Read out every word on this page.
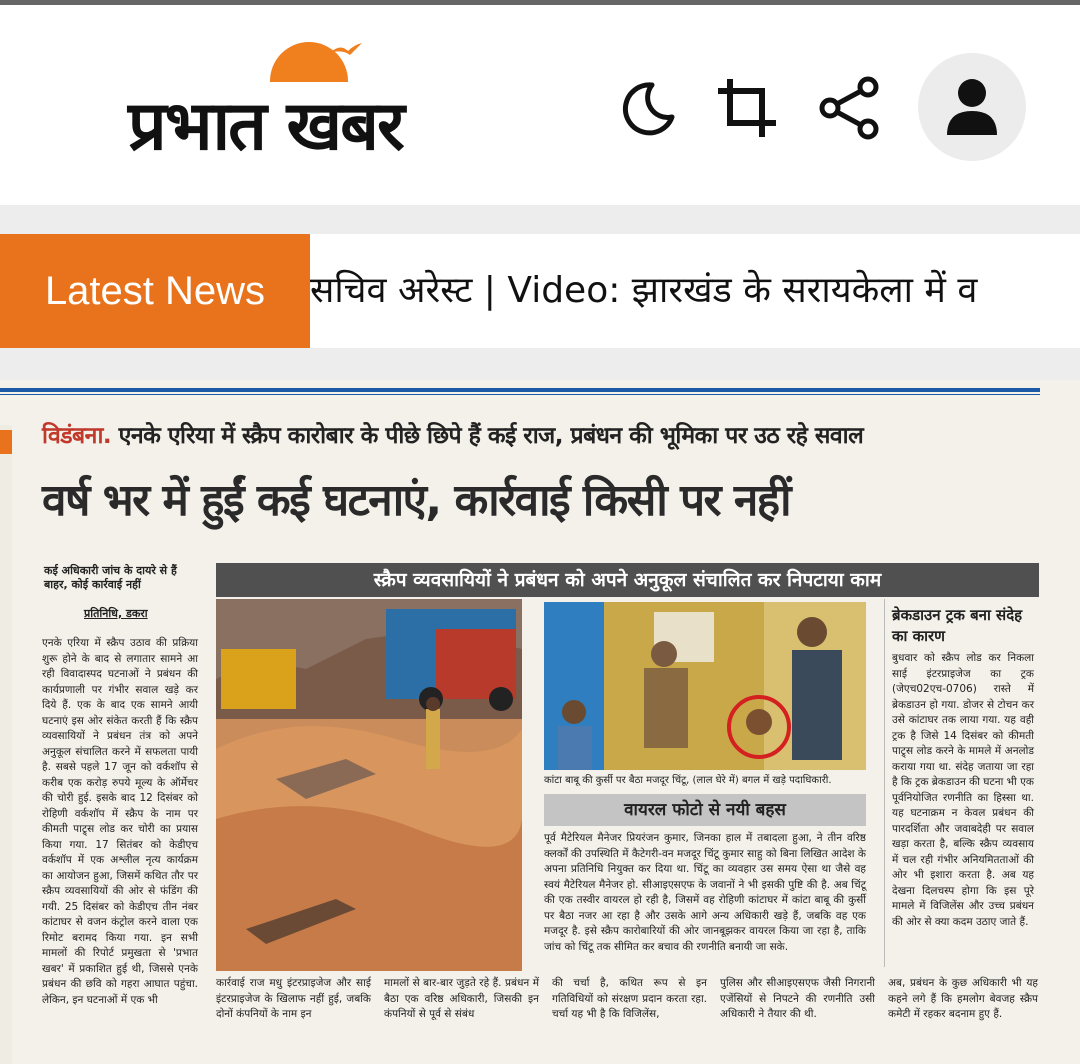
प्रभात खबर
Latest News	सचिव अरेस्ट | Video: झारखंड के सरायकेला में व
विडंबना. एनके एरिया में स्क्रैप कारोबार के पीछे छिपे हैं कई राज, प्रबंधन की भूमिका पर उठ रहे सवाल
वर्ष भर में हुईं कई घटनाएं, कार्रवाई किसी पर नहीं
कई अधिकारी जांच के दायरे से हैं बाहर, कोई कार्रवाई नहीं
प्रतिनिधि, डकरा
एनके एरिया में स्क्रैप उठाव की प्रक्रिया शुरू होने के बाद से लगातार सामने आ रही विवादास्पद घटनाओं ने प्रबंधन की कार्यप्रणाली पर गंभीर सवाल खड़े कर दिये हैं. एक के बाद एक सामने आयी घटनाएं इस ओर संकेत करती हैं कि स्क्रैप व्यवसायियों ने प्रबंधन तंत्र को अपने अनुकूल संचालित करने में सफलता पायी है. सबसे पहले 17 जून को वर्कशॉप से करीब एक करोड़ रुपये मूल्य के ऑर्मेचर की चोरी हुई. इसके बाद 12 दिसंबर को रोहिणी वर्कशॉप में स्क्रैप के नाम पर कीमती पाट्र्स लोड कर चोरी का प्रयास किया गया. 17 सितंबर को केडीएच वर्कशॉप में एक अश्लील नृत्य कार्यक्रम का आयोजन हुआ, जिसमें कथित तौर पर स्क्रैप व्यवसायियों की ओर से फंडिंग की गयी. 25 दिसंबर को केडीएच तीन नंबर कांटाघर से वजन कंट्रोल करने वाला एक रिमोट बरामद किया गया. इन सभी मामलों की रिपोर्ट प्रमुखता से 'प्रभात खबर' में प्रकाशित हुई थी, जिससे एनके प्रबंधन की छवि को गहरा आघात पहुंचा. लेकिन, इन घटनाओं में एक भी
स्क्रैप व्यवसायियों ने प्रबंधन को अपने अनुकूल संचालित कर निपटाया काम
कांटा बाबू की कुर्सी पर बैठा मजदूर चिंटू, (लाल घेरे में) बगल में खड़े पदाधिकारी.
वायरल फोटो से नयी बहस
पूर्व मैटेरियल मैनेजर प्रियरंजन कुमार, जिनका हाल में तबादला हुआ, ने तीन वरिष्ठ क्लर्कों की उपस्थिति में कैटेगरी-वन मजदूर चिंटू कुमार साहु को बिना लिखित आदेश के अपना प्रतिनिधि नियुक्त कर दिया था. चिंटू का व्यवहार उस समय ऐसा था जैसे वह स्वयं मैटेरियल मैनेजर हो. सीआइएसएफ के जवानों ने भी इसकी पुष्टि की है. अब चिंटू की एक तस्वीर वायरल हो रही है, जिसमें वह रोहिणी कांटाघर में कांटा बाबू की कुर्सी पर बैठा नजर आ रहा है और उसके आगे अन्य अधिकारी खड़े हैं, जबकि वह एक मजदूर है. इसे स्क्रैप कारोबारियों की ओर जानबूझकर वायरल किया जा रहा है, ताकि जांच को चिंटू तक सीमित कर बचाव की रणनीति बनायी जा सके.
ब्रेकडाउन ट्रक बना संदेह का कारण
बुधवार को स्क्रैप लोड कर निकला साई इंटरप्राइजेज का ट्रक (जेएच02एच-0706) रास्ते में ब्रेकडाउन हो गया. डोजर से टोचन कर उसे कांटाघर तक लाया गया. यह वही ट्रक है जिसे 14 दिसंबर को कीमती पाट्र्स लोड करने के मामले में अनलोड कराया गया था. संदेह जताया जा रहा है कि ट्रक ब्रेकडाउन की घटना भी एक पूर्वनियोजित रणनीति का हिस्सा था. यह घटनाक्रम न केवल प्रबंधन की पारदर्शिता और जवाबदेही पर सवाल खड़ा करता है, बल्कि स्क्रैप व्यवसाय में चल रही गंभीर अनियमितताओं की ओर भी इशारा करता है. अब यह देखना दिलचस्प होगा कि इस पूरे मामले में विजिलेंस और उच्च प्रबंधन की ओर से क्या कदम उठाए जाते हैं.
कार्रवाई राज मधु इंटरप्राइजेज और साई इंटरप्राइजेज के खिलाफ नहीं हुई, जबकि दोनों कंपनियों के नाम इन
मामलों से बार-बार जुड़ते रहे हैं. प्रबंधन में बैठा एक वरिष्ठ अधिकारी, जिसकी इन कंपनियों से पूर्व से संबंध
की चर्चा है, कथित रूप से इन गतिविधियों को संरक्षण प्रदान करता रहा. चर्चा यह भी है कि विजिलेंस,
पुलिस और सीआइएसएफ जैसी निगरानी एजेंसियों से निपटने की रणनीति उसी अधिकारी ने तैयार की थी.
अब, प्रबंधन के कुछ अधिकारी भी यह कहने लगे हैं कि हमलोग बेवजह स्क्रैप कमेटी में रहकर बदनाम हुए हैं.
